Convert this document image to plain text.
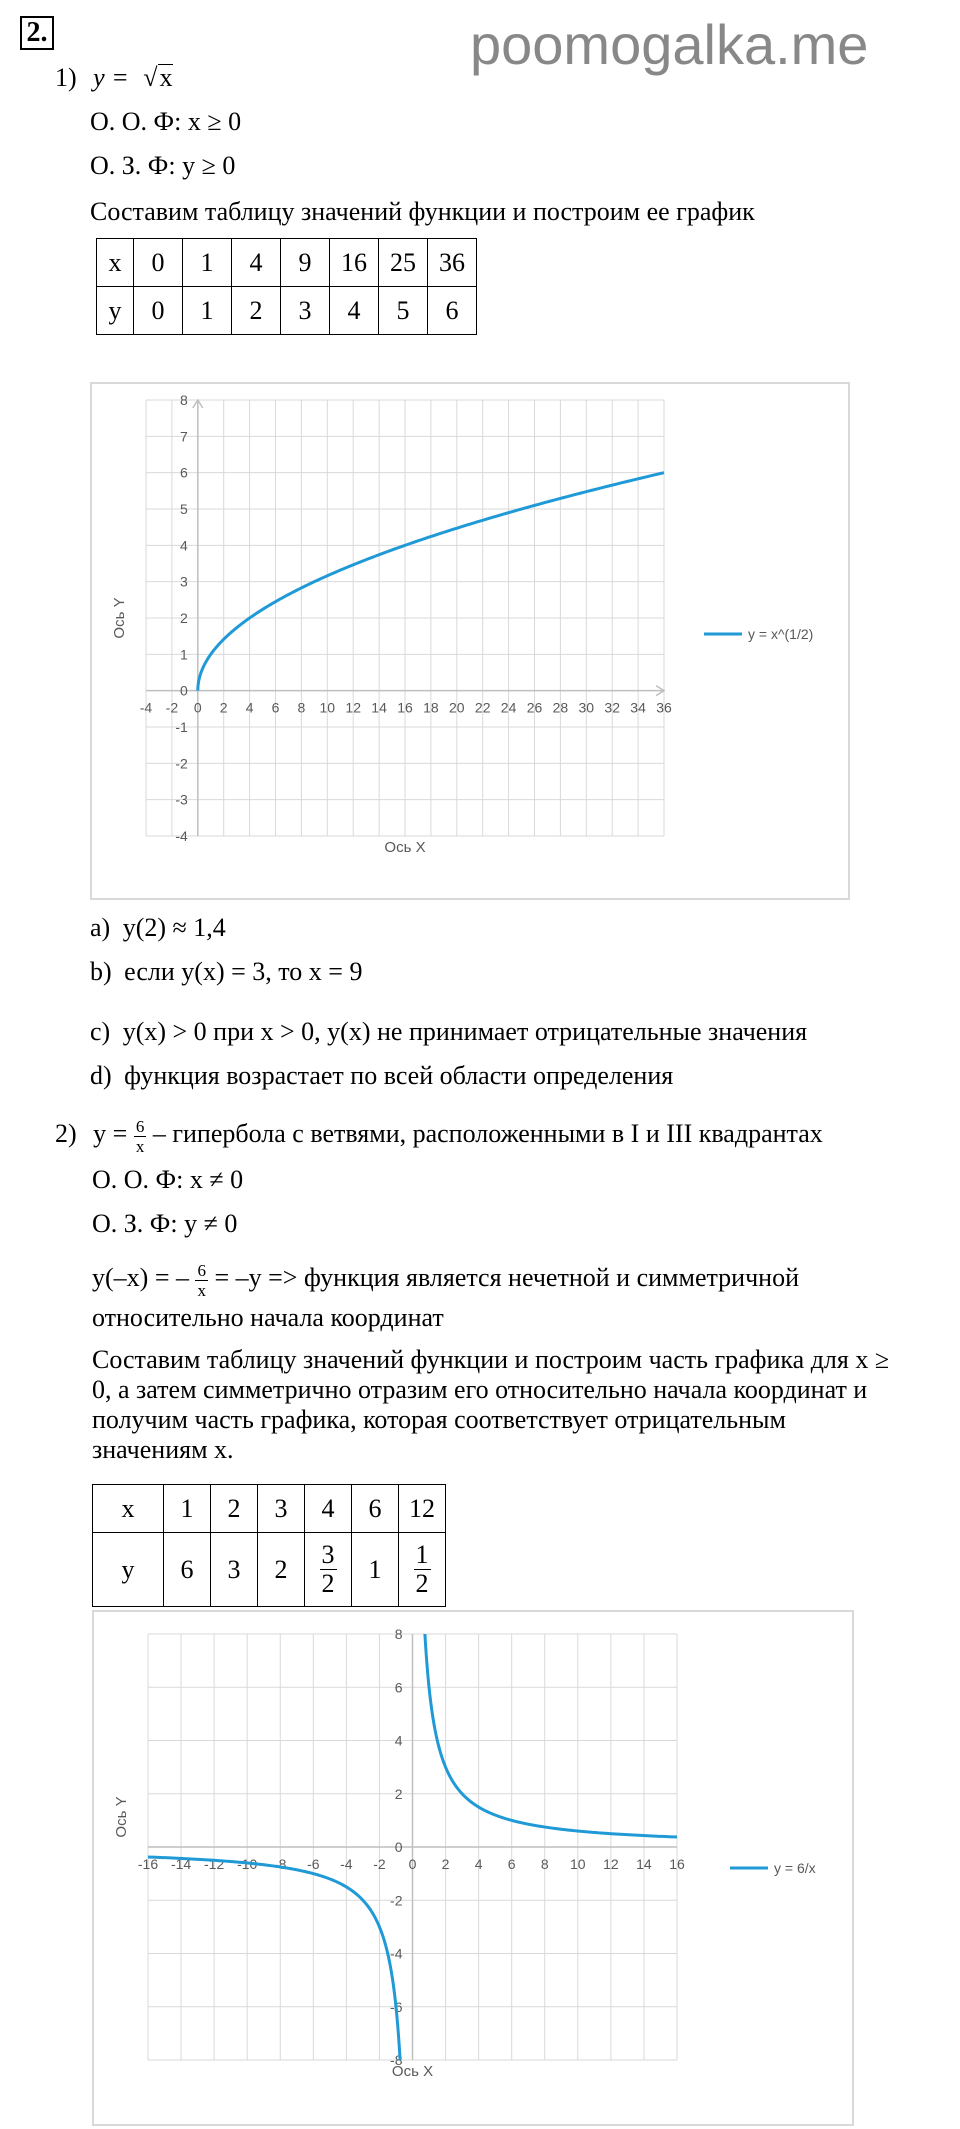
2.	poomogalka.me
1) y = √x
О. О. Ф: x ≥ 0
О. З. Ф: y ≥ 0
Составим таблицу значений функции и построим ее график
x	0	1	4	9	16	25	36
y	0	1	2	3	4	5	6
-4 -2 0 2 4 6 8 10 12 14 16 18 20 22 24 26 28 30 32 34 36
-4
-3
-2
-1
0
1
2
3
4
5
6
7
8
Ось X
Ось Y	y = x^(1/2)
a) y(2) ≈ 1,4
b) если y(x) = 3, то x = 9
c) y(x) > 0 при x > 0, y(x) не принимает отрицательные значения
d) функция возрастает по всей области определения
2) $y = \frac{6}{x}$ – гипербола с ветвями, расположенными в I и III квадрантах
О. О. Ф: x ≠ 0
О. З. Ф: y ≠ 0
y(–x) = – $\frac{6}{x} = -y$ => функция является нечетной и симметричной
относительно начала координат
Составим таблицу значений функции и построим часть графика для x ≥
0, а затем симметрично отразим его относительно начала координат и
получим часть графика, которая соответствует отрицательным
значениям x.
x	1	2	3	4	6	12
y	6	3	2	$\frac{3}{2}$	1	$\frac{1}{2}$
-16 -14 -12 -10 -8 -6 -4 -2 0 2 4 6 8 10 12 14 16
-8
-6
-4
-2
0
2
4
6
8
Ось X
Ось Y
y = 6/x
